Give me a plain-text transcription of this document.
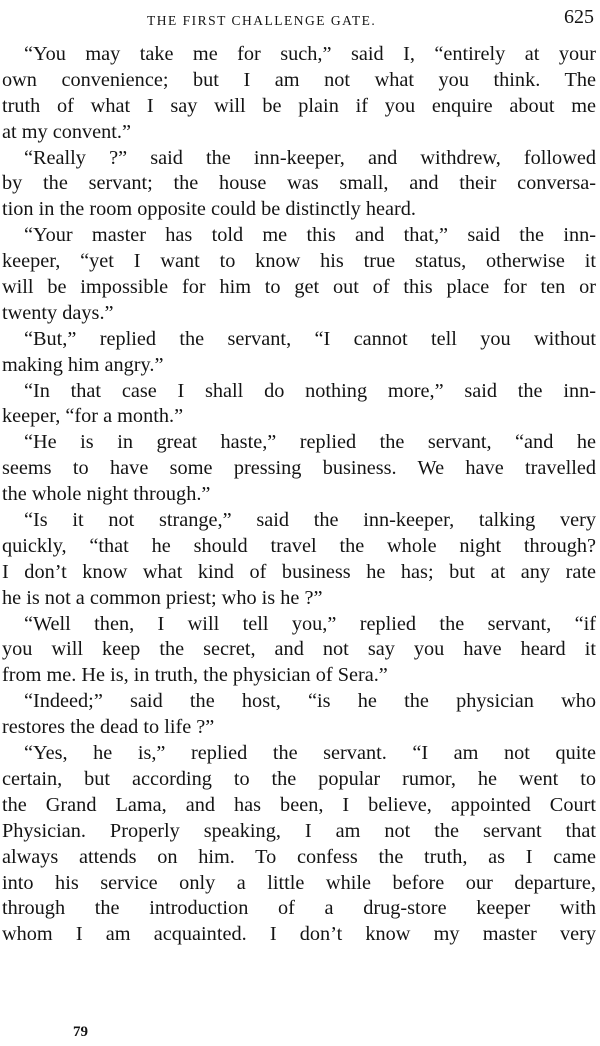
THE FIRST CHALLENGE GATE.	625
“You may take me for such,” said I, “entirely at your
own convenience; but I am not what you think. The
truth of what I say will be plain if you enquire about me
at my convent.”
“Really ?” said the inn-keeper, and withdrew, followed
by the servant; the house was small, and their conversa-
tion in the room opposite could be distinctly heard.
“Your master has told me this and that,” said the inn-
keeper, “yet I want to know his true status, otherwise it
will be impossible for him to get out of this place for ten or
twenty days.”
“But,” replied the servant, “I cannot tell you without
making him angry.”
“In that case I shall do nothing more,” said the inn-
keeper, “for a month.”
“He is in great haste,” replied the servant, “and he
seems to have some pressing business. We have travelled
the whole night through.”
“Is it not strange,” said the inn-keeper, talking very
quickly, “that he should travel the whole night through?
I don’t know what kind of business he has; but at any rate
he is not a common priest; who is he ?”
“Well then, I will tell you,” replied the servant, “if
you will keep the secret, and not say you have heard it
from me. He is, in truth, the physician of Sera.”
“Indeed;” said the host, “is he the physician who
restores the dead to life ?”
“Yes, he is,” replied the servant. “I am not quite
certain, but according to the popular rumor, he went to
the Grand Lama, and has been, I believe, appointed Court
Physician. Properly speaking, I am not the servant that
always attends on him. To confess the truth, as I came
into his service only a little while before our departure,
through the introduction of a drug-store keeper with
whom I am acquainted. I don’t know my master very
79
